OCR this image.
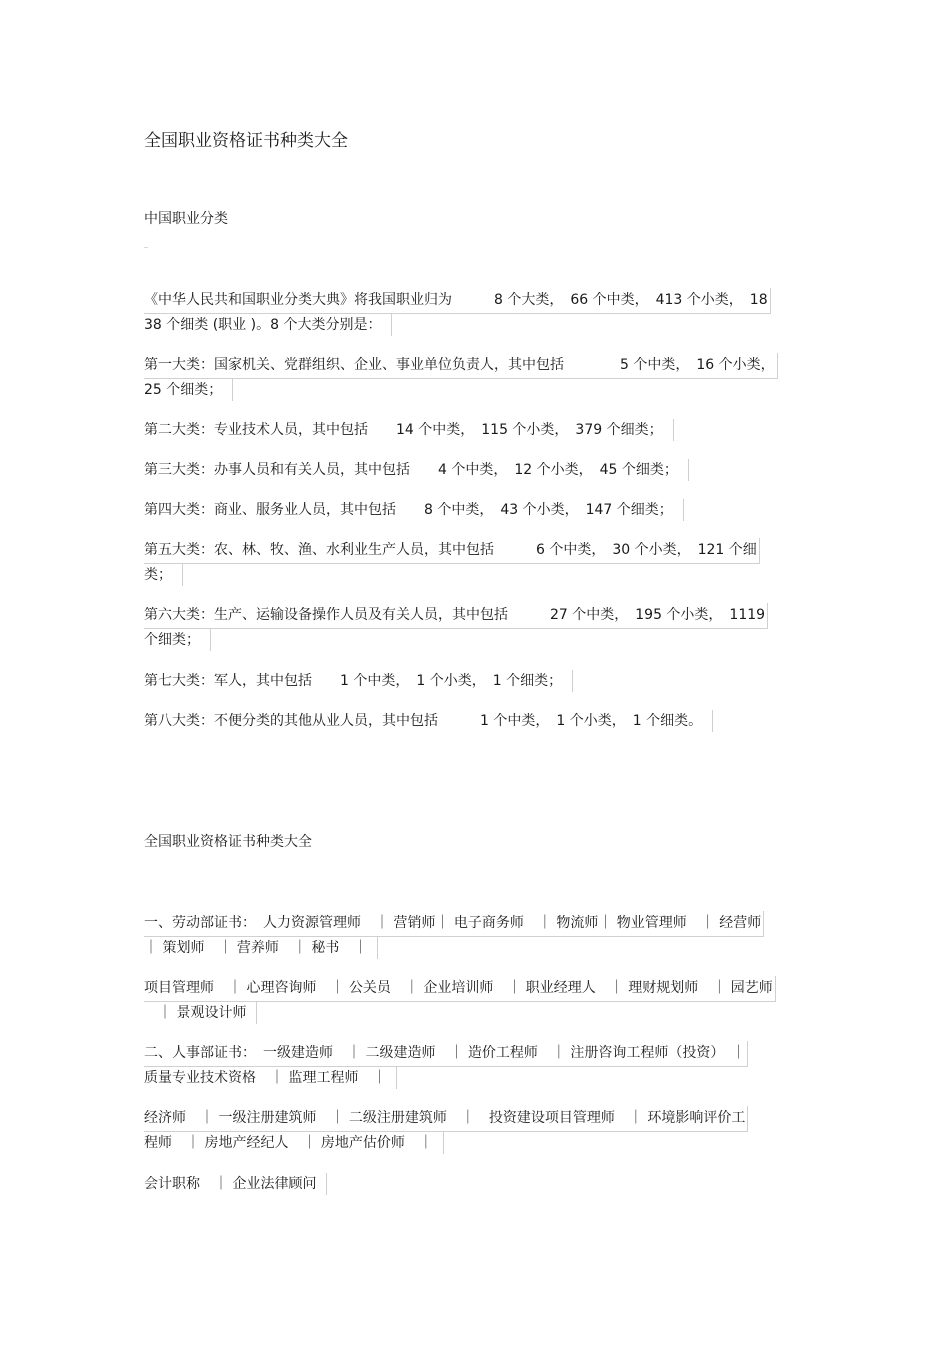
全国职业资格证书种类大全
中国职业分类
《中华人民共和国职业分类大典》将我国职业归为　　　8 个大类，　66 个中类，　413 个小类，　18
38 个细类 (职业 )。8 个大类分别是：
第一大类：国家机关、党群组织、企业、事业单位负责人，其中包括　　　　5 个中类，　16 个小类，
25 个细类；
第二大类：专业技术人员，其中包括　　14 个中类，　115 个小类，　379 个细类；
第三大类：办事人员和有关人员，其中包括　　4 个中类，　12 个小类，　45 个细类；
第四大类：商业、服务业人员，其中包括　　8 个中类，　43 个小类，　147 个细类；
第五大类：农、林、牧、渔、水利业生产人员，其中包括　　　6 个中类，　30 个小类，　121 个细
类；
第六大类：生产、运输设备操作人员及有关人员，其中包括　　　27 个中类，　195 个小类，　1119
个细类；
第七大类：军人，其中包括　　1 个中类，　1 个小类，　1 个细类；
第八大类：不便分类的其他从业人员，其中包括　　　1 个中类，　1 个小类，　1 个细类。
全国职业资格证书种类大全
一、劳动部证书：　人力资源管理师　｜ 营销师｜ 电子商务师　｜ 物流师｜ 物业管理师　｜ 经营师
｜ 策划师　｜ 营养师　｜ 秘书　｜
项目管理师　｜ 心理咨询师　｜ 公关员　｜ 企业培训师　｜ 职业经理人　｜ 理财规划师　｜ 园艺师
　｜ 景观设计师
二、人事部证书：　一级建造师　｜ 二级建造师　｜ 造价工程师　｜ 注册咨询工程师（投资）　｜
质量专业技术资格　｜ 监理工程师　｜
经济师　｜ 一级注册建筑师　｜ 二级注册建筑师　｜　投资建设项目管理师　｜ 环境影响评价工
程师　｜ 房地产经纪人　｜ 房地产估价师　｜
会计职称　｜ 企业法律顾问
